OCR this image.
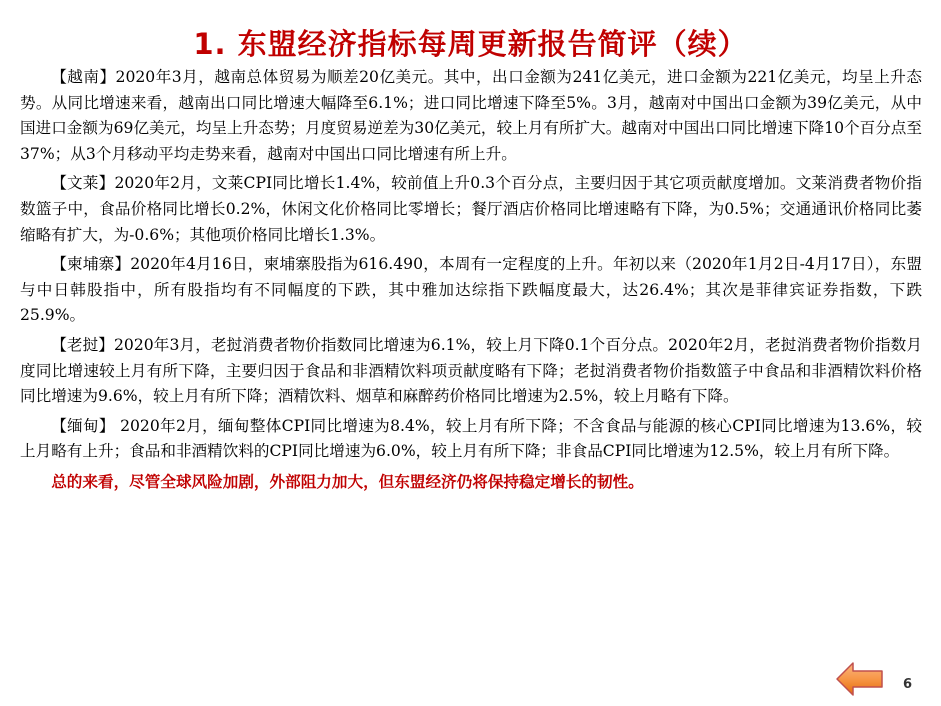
1. 东盟经济指标每周更新报告简评（续）

【越南】2020年3月，越南总体贸易为顺差20亿美元。其中，出口金额为241亿美元，进口金额为221亿美元，均呈上升态势。从同比增速来看，越南出口同比增速大幅降至6.1%；进口同比增速下降至5%。3月，越南对中国出口金额为39亿美元，从中国进口金额为69亿美元，均呈上升态势；月度贸易逆差为30亿美元，较上月有所扩大。越南对中国出口同比增速下降10个百分点至37%；从3个月移动平均走势来看，越南对中国出口同比增速有所上升。

【文莱】2020年2月，文莱CPI同比增长1.4%，较前值上升0.3个百分点，主要归因于其它项贡献度增加。文莱消费者物价指数篮子中，食品价格同比增长0.2%，休闲文化价格同比零增长；餐厅酒店价格同比增速略有下降，为0.5%；交通通讯价格同比萎缩略有扩大，为-0.6%；其他项价格同比增长1.3%。

【柬埔寨】2020年4月16日，柬埔寨股指为616.490，本周有一定程度的上升。年初以来（2020年1月2日-4月17日），东盟与中日韩股指中，所有股指均有不同幅度的下跌，其中雅加达综指下跌幅度最大，达26.4%；其次是菲律宾证券指数，下跌25.9%。

【老挝】2020年3月，老挝消费者物价指数同比增速为6.1%，较上月下降0.1个百分点。2020年2月，老挝消费者物价指数月度同比增速较上月有所下降，主要归因于食品和非酒精饮料项贡献度略有下降；老挝消费者物价指数篮子中食品和非酒精饮料价格同比增速为9.6%，较上月有所下降；酒精饮料、烟草和麻醉药价格同比增速为2.5%，较上月略有下降。

【缅甸】 2020年2月，缅甸整体CPI同比增速为8.4%，较上月有所下降；不含食品与能源的核心CPI同比增速为13.6%，较上月略有上升；食品和非酒精饮料的CPI同比增速为6.0%，较上月有所下降；非食品CPI同比增速为12.5%，较上月有所下降。

总的来看，尽管全球风险加剧，外部阻力加大，但东盟经济仍将保持稳定增长的韧性。

6
